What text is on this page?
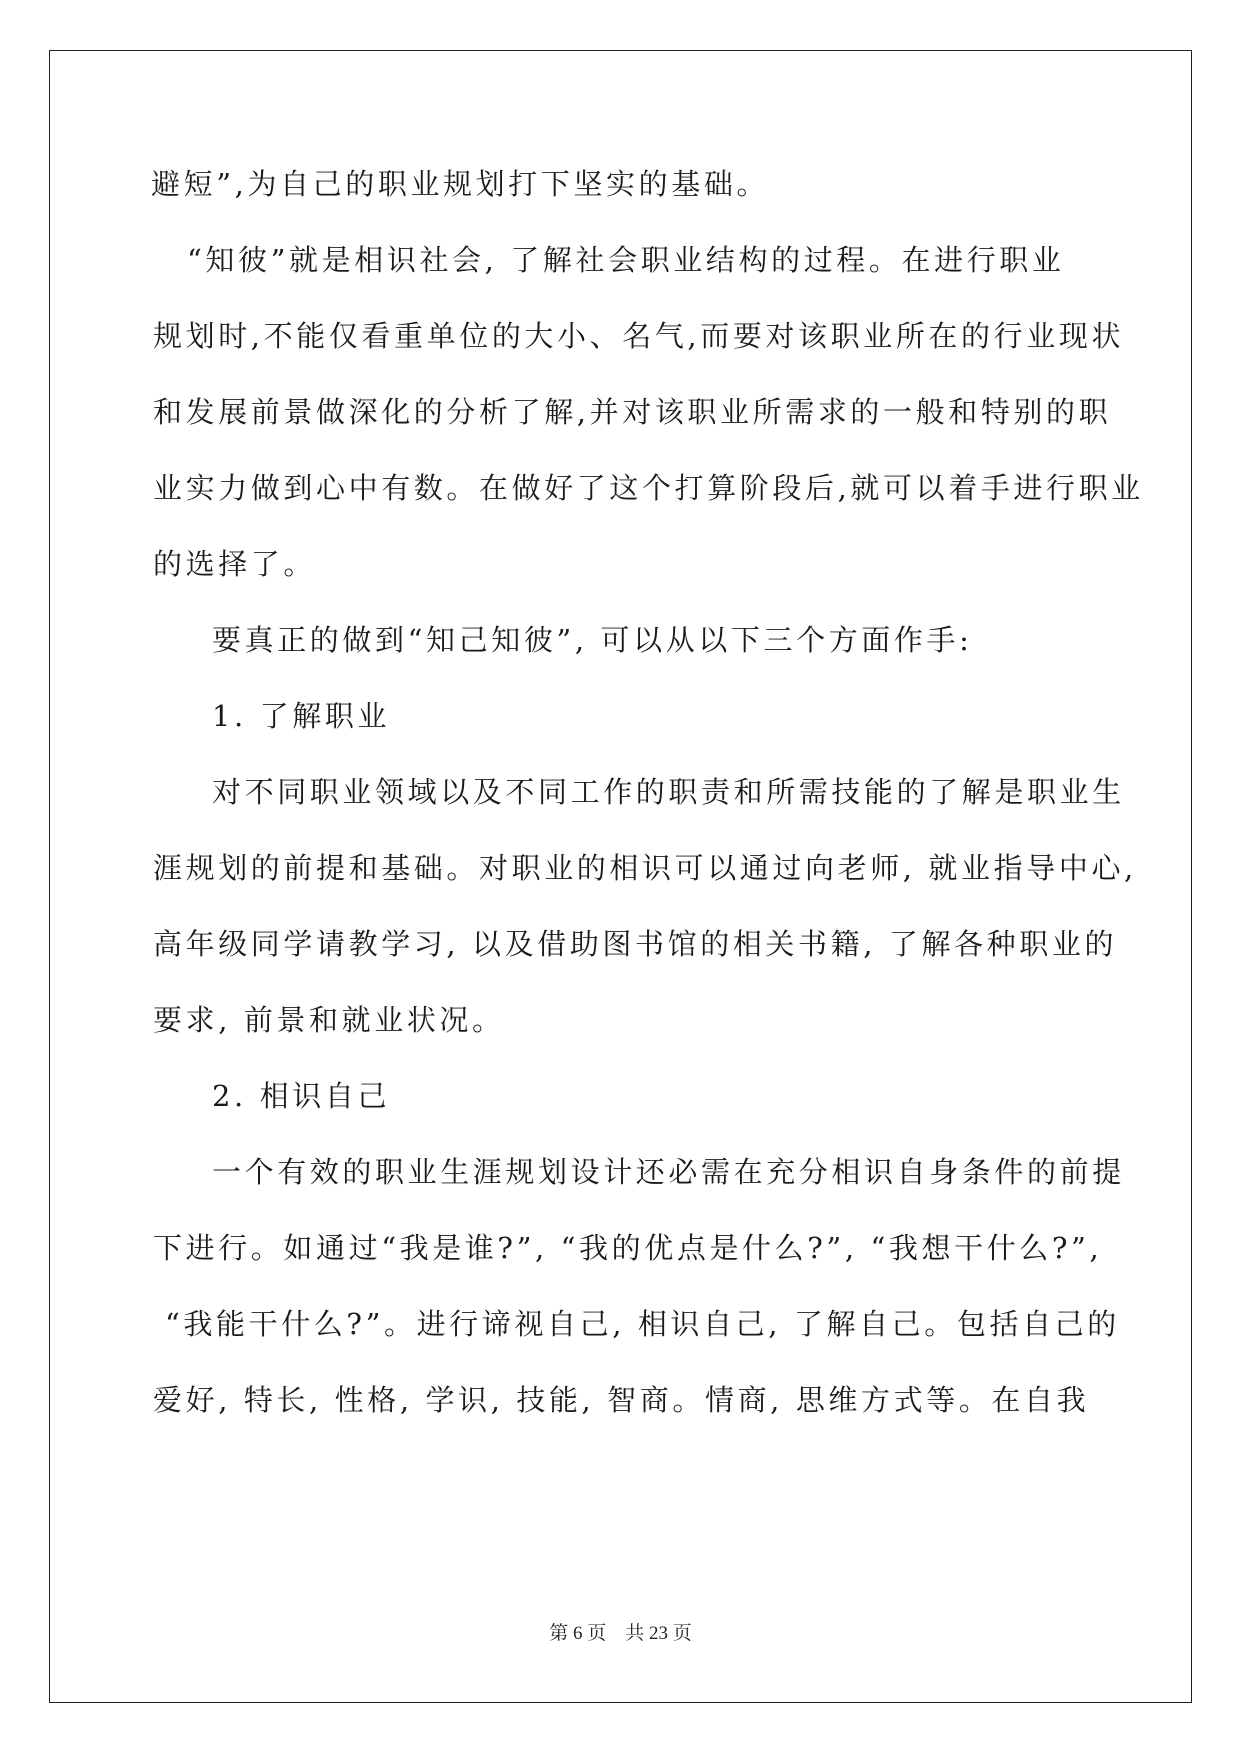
避短”,为自己的职业规划打下坚实的基础。
“知彼”就是相识社会, 了解社会职业结构的过程。在进行职业
规划时,不能仅看重单位的大小、名气,而要对该职业所在的行业现状
和发展前景做深化的分析了解,并对该职业所需求的一般和特别的职
业实力做到心中有数。在做好了这个打算阶段后,就可以着手进行职业
的选择了。
要真正的做到“知己知彼”, 可以从以下三个方面作手:
1. 了解职业
对不同职业领域以及不同工作的职责和所需技能的了解是职业生
涯规划的前提和基础。对职业的相识可以通过向老师, 就业指导中心,
高年级同学请教学习, 以及借助图书馆的相关书籍, 了解各种职业的
要求, 前景和就业状况。
2. 相识自己
一个有效的职业生涯规划设计还必需在充分相识自身条件的前提
下进行。如通过“我是谁?”, “我的优点是什么?”, “我想干什么?”,
“我能干什么?”。进行谛视自己, 相识自己, 了解自己。包括自己的
爱好, 特长, 性格, 学识, 技能, 智商。情商, 思维方式等。在自我
第 6 页    共 23 页
